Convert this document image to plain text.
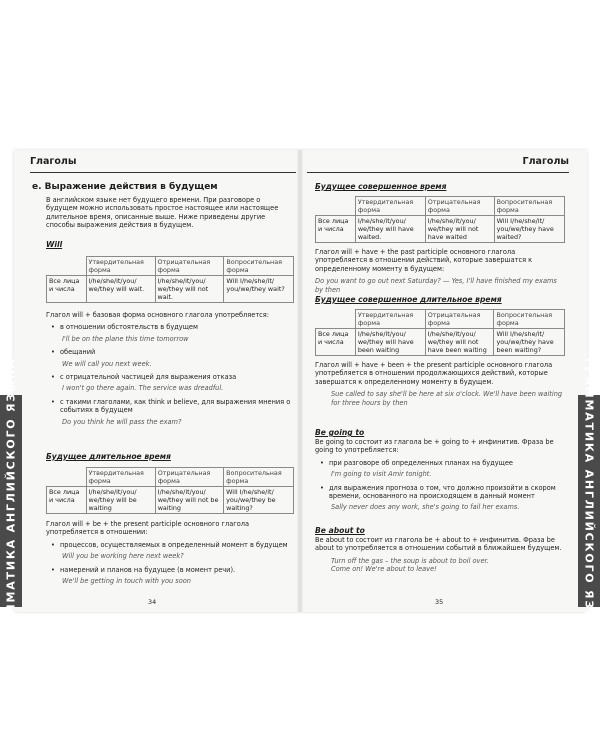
ГРАММАТИКА АНГЛИЙСКОГО ЯЗЫКА	ГРАММАТИКА АНГЛИЙСКОГО ЯЗЫКА
Глаголы
e. Выражение действия в будущем

В английском языке нет будущего времени. При разговоре о будущем можно использовать простое настоящее или настоящее длительное время, описанные выше. Ниже приведены другие способы выражения действия в будущем.

Will
	Утвердительная форма	Отрицательная форма	Вопросительная форма
Все лица и числа	I/he/she/it/you/ we/they will wait.	I/he/she/it/you/ we/they will not wait.	Will I/he/she/it/ you/we/they wait?

Глагол will + базовая форма основного глагола употребляется:

• в отношении обстоятельств в будущем
I'll be on the plane this time tomorrow
• обещаний
We will call you next week.
• с отрицательной частицей для выражения отказа
I won't go there again. The service was dreadful.
• с такими глаголами, как think и believe, для выражения мнения о событиях в будущем
Do you think he will pass the exam?
Будущее длительное время
	Утвердительная форма	Отрицательная форма	Вопросительная форма
Все лица и числа	I/he/she/it/you/ we/they will be waiting	I/he/she/it/you/ we/they will not be waiting	Will I/he/she/it/ you/we/they be waiting?

Глагол will + be + the present participle основного глагола употребляется в отношении:

• процессов, осуществляемых в определенный момент в будущем
Will you be working here next week?
• намерений и планов на будущее (в момент речи).
We'll be getting in touch with you soon
34
Глаголы
Будущее совершенное время
	Утвердительная форма	Отрицательная форма	Вопросительная форма
Все лица и числа	I/he/she/it/you/ we/they will have waited.	I/he/she/it/you/ we/they will not have waited	Will I/he/she/it/ you/we/they have waited?

Глагол will + have + the past participle основного глагола употребляется в отношении действий, которые завершатся к определенному моменту в будущем:

Do you want to go out next Saturday? — Yes, I'll have finished my exams by then
Будущее совершенное длительное время
	Утвердительная форма	Отрицательная форма	Вопросительная форма
Все лица и числа	I/he/she/it/you/ we/they will have been waiting	I/he/she/it/you/ we/they will not have been waiting	Will I/he/she/it/ you/we/they have been waiting?

Глагол will + have + been + the present participle основного глагола употребляется в отношении продолжающихся действий, которые завершатся к определенному моменту в будущем.

Sue called to say she'll be here at six o'clock. We'll have been waiting for three hours by then
Be going to

Be going to состоит из глагола be + going to + инфинитив. Фраза be going to употребляется:

• при разговоре об определенных планах на будущее
I'm going to visit Amir tonight.
• для выражения прогноза о том, что должно произойти в скором времени, основанного на происходящем в данный момент
Sally never does any work, she's going to fail her exams.
Be about to

Be about to состоит из глагола be + about to + инфинитив. Фраза be about to употребляется в отношении событий в ближайшем будущем.

Turn off the gas – the soup is about to boil over.
Come on! We're about to leave!
35
